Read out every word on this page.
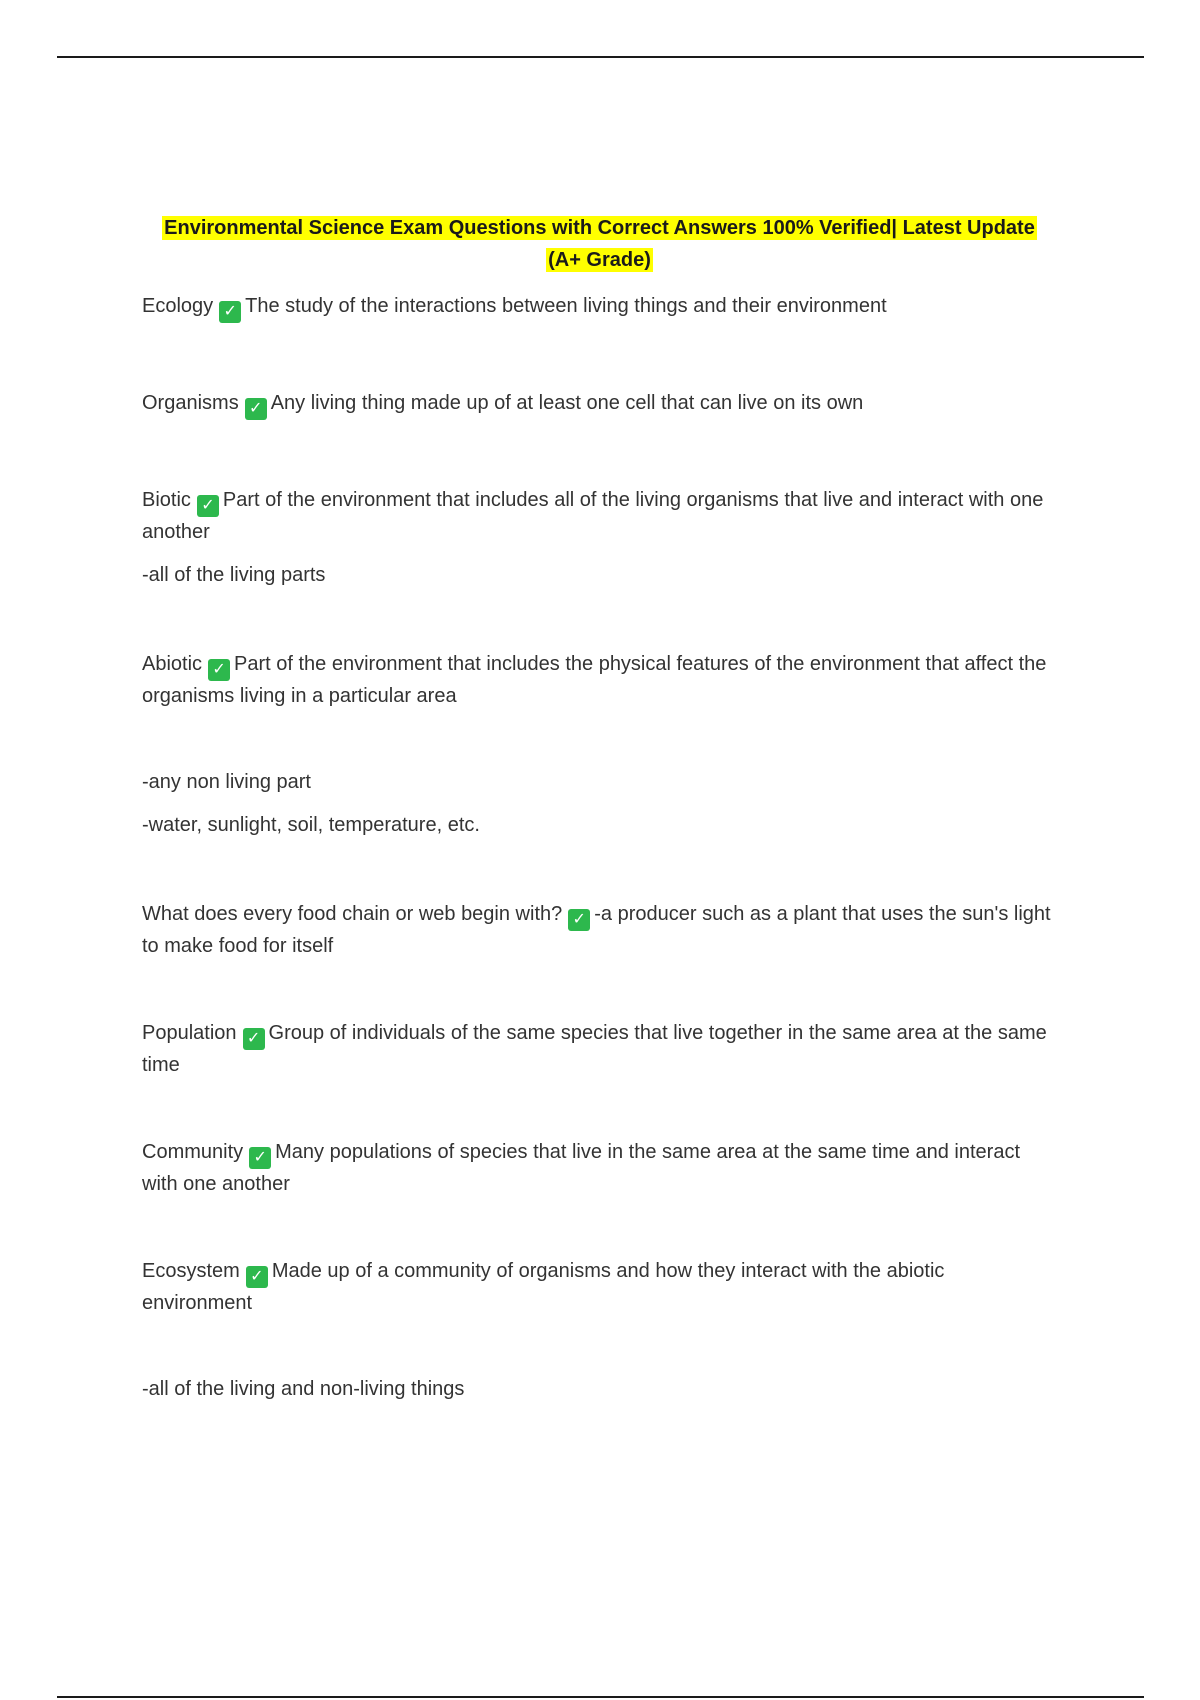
Environmental Science Exam Questions with Correct Answers 100% Verified| Latest Update
(A+ Grade)

Ecology ✓ The study of the interactions between living things and their environment

Organisms ✓ Any living thing made up of at least one cell that can live on its own

Biotic ✓ Part of the environment that includes all of the living organisms that live and interact with one another

-all of the living parts

Abiotic ✓ Part of the environment that includes the physical features of the environment that affect the organisms living in a particular area

-any non living part

-water, sunlight, soil, temperature, etc.

What does every food chain or web begin with? ✓ -a producer such as a plant that uses the sun's light to make food for itself

Population ✓ Group of individuals of the same species that live together in the same area at the same time

Community ✓ Many populations of species that live in the same area at the same time and interact with one another

Ecosystem ✓ Made up of a community of organisms and how they interact with the abiotic environment

-all of the living and non-living things
